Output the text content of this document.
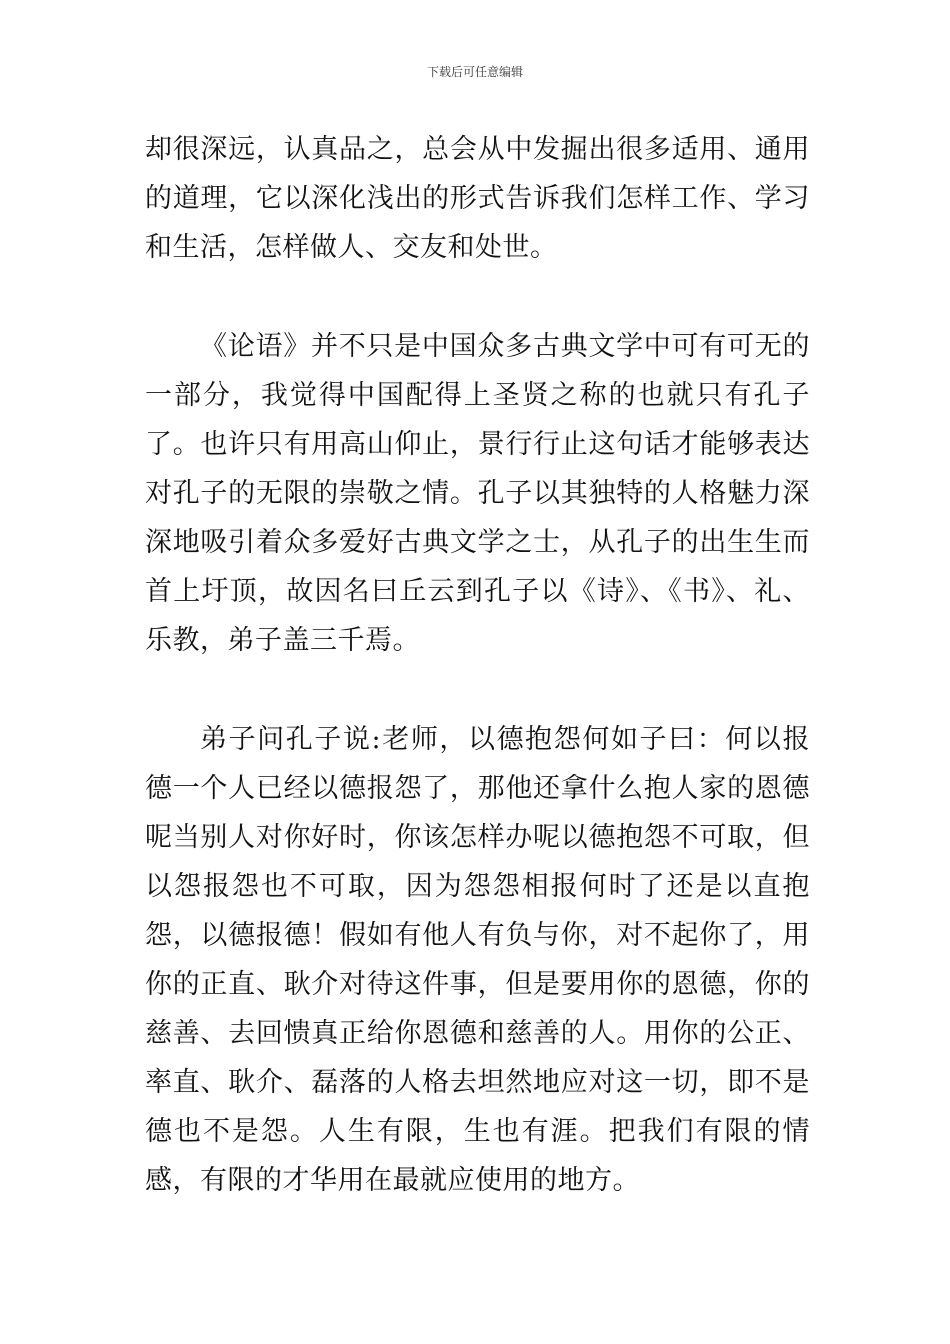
下载后可任意编辑

却很深远，认真品之，总会从中发掘出很多适用、通用的道理，它以深化浅出的形式告诉我们怎样工作、学习和生活，怎样做人、交友和处世。

《论语》并不只是中国众多古典文学中可有可无的一部分，我觉得中国配得上圣贤之称的也就只有孔子了。也许只有用高山仰止，景行行止这句话才能够表达对孔子的无限的崇敬之情。孔子以其独特的人格魅力深深地吸引着众多爱好古典文学之士，从孔子的出生生而首上圩顶，故因名曰丘云到孔子以《诗》、《书》、礼、乐教，弟子盖三千焉。

弟子问孔子说:老师，以德抱怨何如子曰：何以报德一个人已经以德报怨了，那他还拿什么抱人家的恩德呢当别人对你好时，你该怎样办呢以德抱怨不可取，但以怨报怨也不可取，因为怨怨相报何时了还是以直抱怨，以德报德！假如有他人有负与你，对不起你了，用你的正直、耿介对待这件事，但是要用你的恩德，你的慈善、去回愦真正给你恩德和慈善的人。用你的公正、率直、耿介、磊落的人格去坦然地应对这一切，即不是德也不是怨。人生有限，生也有涯。把我们有限的情感，有限的才华用在最就应使用的地方。
